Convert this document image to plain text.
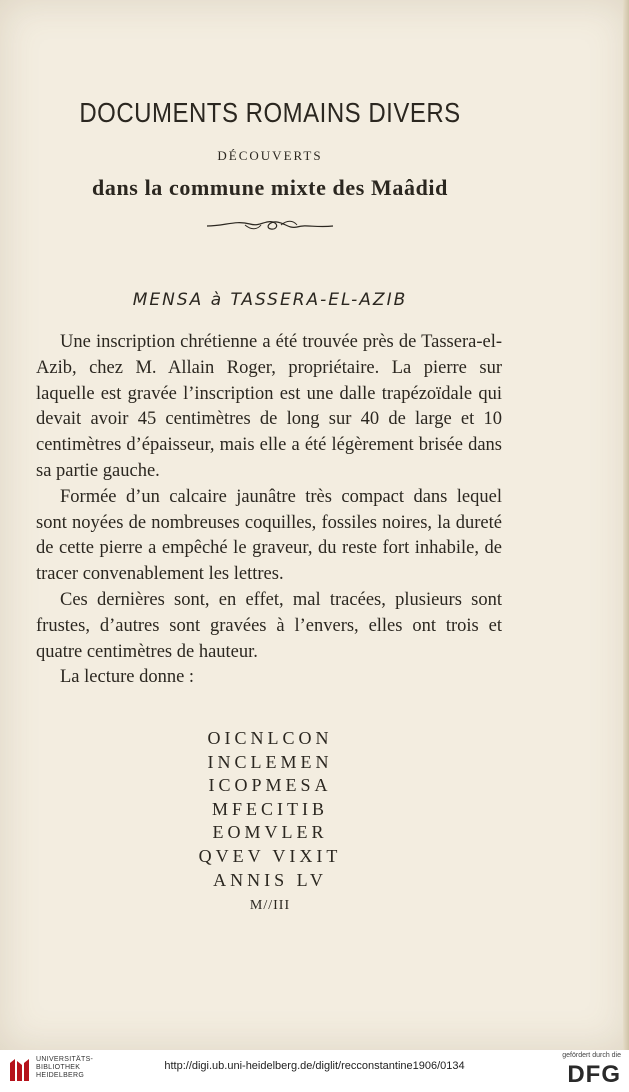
DOCUMENTS ROMAINS DIVERS
DÉCOUVERTS
dans la commune mixte des Maâdid
MENSA à TASSERA-EL-AZIB

Une inscription chrétienne a été trouvée près de Tassera-el-Azib, chez M. Allain Roger, propriétaire. La pierre sur laquelle est gravée l’inscription est une dalle trapézoïdale qui devait avoir 45 centimètres de long sur 40 de large et 10 centimètres d’épaisseur, mais elle a été légèrement brisée dans sa partie gauche.

Formée d’un calcaire jaunâtre très compact dans lequel sont noyées de nombreuses coquilles, fossiles noires, la dureté de cette pierre a empêché le graveur, du reste fort inhabile, de tracer convenablement les lettres.

Ces dernières sont, en effet, mal tracées, plusieurs sont frustes, d’autres sont gravées à l’envers, elles ont trois et quatre centimètres de hauteur.

La lecture donne :

OICNLCON
INCLEMEN
ICOPMESA
MFECITIB
EOMVLER
QVEV VIXIT
ANNIS LV
M//III
UNIVERSITÄTS-
BIBLIOTHEK
HEIDELBERG
http://digi.ub.uni-heidelberg.de/diglit/recconstantine1906/0134
gefördert durch die
DFG
